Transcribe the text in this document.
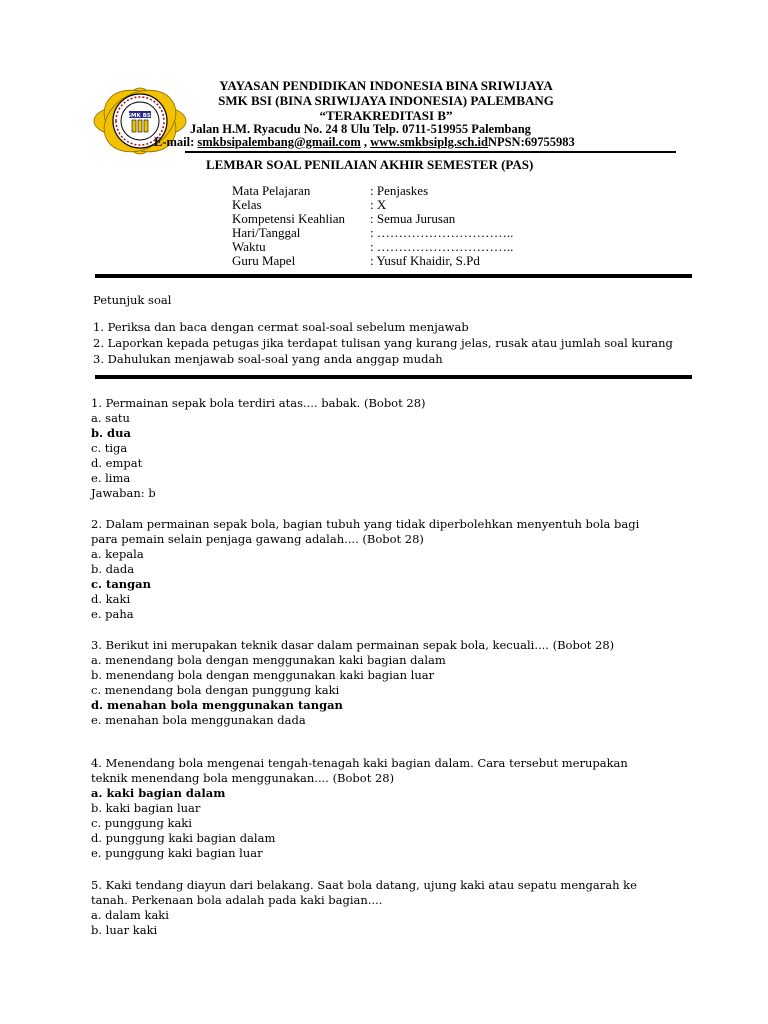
SMK BSI
YAYASAN PENDIDIKAN INDONESIA BINA SRIWIJAYA
SMK BSI (BINA SRIWIJAYA INDONESIA) PALEMBANG
“TERAKREDITASI B”
Jalan H.M. Ryacudu No. 24 8 Ulu Telp. 0711-519955 Palembang
E-mail: smkbsipalembang@gmail.com , www.smkbsiplg.sch.idNPSN:69755983
LEMBAR SOAL PENILAIAN AKHIR SEMESTER (PAS)
Mata Pelajaran	: Penjaskes
Kelas	: X
Kompetensi Keahlian : Semua Jurusan
Hari/Tanggal	: …………………………..
Waktu	: …………………………..
Guru Mapel	: Yusuf Khaidir, S.Pd
Petunjuk soal
1. Periksa dan baca dengan cermat soal-soal sebelum menjawab
2. Laporkan kepada petugas jika terdapat tulisan yang kurang jelas, rusak atau jumlah soal kurang
3. Dahulukan menjawab soal-soal yang anda anggap mudah
1. Permainan sepak bola terdiri atas.... babak. (Bobot 28)
a. satu
b. dua
c. tiga
d. empat
e. lima
Jawaban: b
2. Dalam permainan sepak bola, bagian tubuh yang tidak diperbolehkan menyentuh bola bagi
para pemain selain penjaga gawang adalah.... (Bobot 28)
a. kepala
b. dada
c. tangan
d. kaki
e. paha
3. Berikut ini merupakan teknik dasar dalam permainan sepak bola, kecuali.... (Bobot 28)
a. menendang bola dengan menggunakan kaki bagian dalam
b. menendang bola dengan menggunakan kaki bagian luar
c. menendang bola dengan punggung kaki
d. menahan bola menggunakan tangan
e. menahan bola menggunakan dada
4. Menendang bola mengenai tengah-tenagah kaki bagian dalam. Cara tersebut merupakan
teknik menendang bola menggunakan.... (Bobot 28)
a. kaki bagian dalam
b. kaki bagian luar
c. punggung kaki
d. punggung kaki bagian dalam
e. punggung kaki bagian luar
5. Kaki tendang diayun dari belakang. Saat bola datang, ujung kaki atau sepatu mengarah ke
tanah. Perkenaan bola adalah pada kaki bagian....
a. dalam kaki
b. luar kaki
